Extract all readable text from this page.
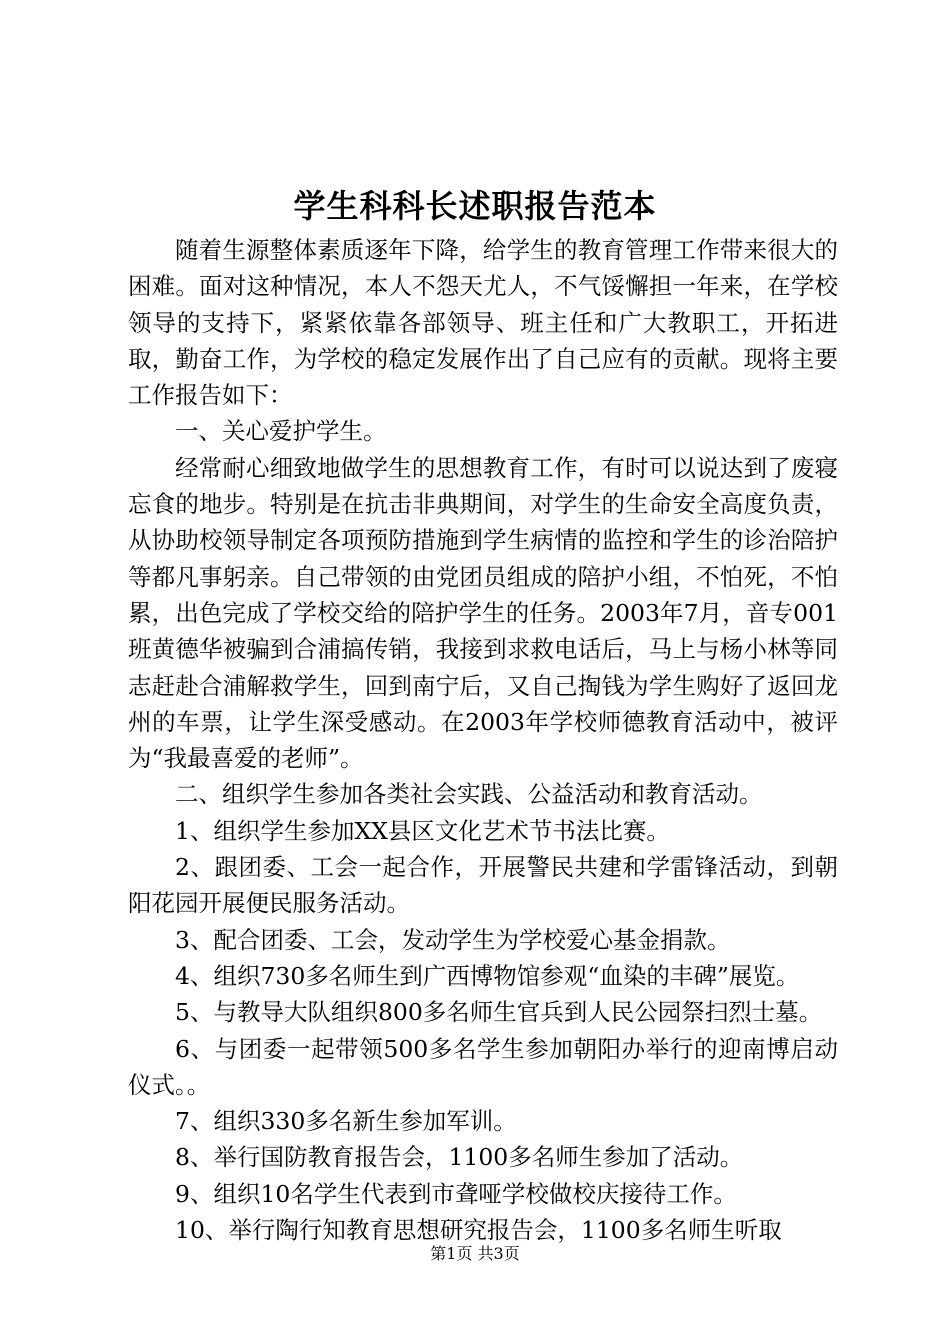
学生科科长述职报告范本

随着生源整体素质逐年下降，给学生的教育管理工作带来很大的困难。面对这种情况，本人不怨天尤人，不气馁懈担一年来，在学校领导的支持下，紧紧依靠各部领导、班主任和广大教职工，开拓进取，勤奋工作，为学校的稳定发展作出了自己应有的贡献。现将主要工作报告如下：

一、关心爱护学生。

经常耐心细致地做学生的思想教育工作，有时可以说达到了废寝忘食的地步。特别是在抗击非典期间，对学生的生命安全高度负责，从协助校领导制定各项预防措施到学生病情的监控和学生的诊治陪护等都凡事躬亲。自己带领的由党团员组成的陪护小组，不怕死，不怕累，出色完成了学校交给的陪护学生的任务。2003年7月，音专001班黄德华被骗到合浦搞传销，我接到求救电话后，马上与杨小林等同志赶赴合浦解救学生，回到南宁后，又自己掏钱为学生购好了返回龙州的车票，让学生深受感动。在2003年学校师德教育活动中，被评为“我最喜爱的老师”。

二、组织学生参加各类社会实践、公益活动和教育活动。

1、组织学生参加XX县区文化艺术节书法比赛。

2、跟团委、工会一起合作，开展警民共建和学雷锋活动，到朝阳花园开展便民服务活动。

3、配合团委、工会，发动学生为学校爱心基金捐款。

4、组织730多名师生到广西博物馆参观“血染的丰碑”展览。

5、与教导大队组织800多名师生官兵到人民公园祭扫烈士墓。

6、与团委一起带领500多名学生参加朝阳办举行的迎南博启动仪式。。

7、组织330多名新生参加军训。

8、举行国防教育报告会，1100多名师生参加了活动。

9、组织10名学生代表到市聋哑学校做校庆接待工作。

10、举行陶行知教育思想研究报告会，1100多名师生听取

第1页 共3页
